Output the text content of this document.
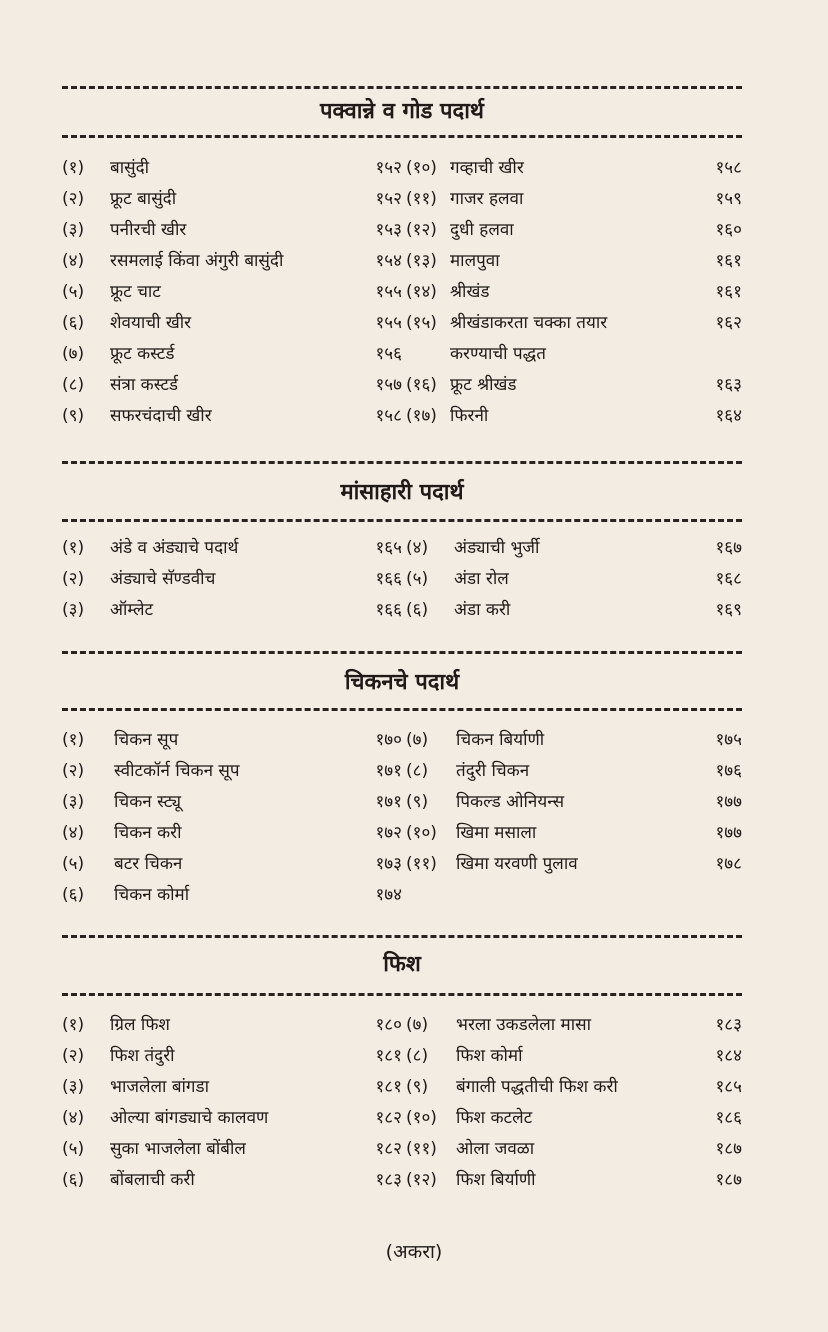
पक्वान्ने व गोड पदार्थ
(१) बासुंदी	१५२
(२) फ्रूट बासुंदी	१५२
(३) पनीरची खीर	१५३
(४) रसमलाई किंवा अंगुरी बासुंदी	१५४
(५) फ्रूट चाट	१५५
(६) शेवयाची खीर	१५५
(७) फ्रूट कस्टर्ड	१५६
(८) संत्रा कस्टर्ड	१५७
(९) सफरचंदाची खीर	१५८
(१०) गव्हाची खीर	१५८
(११) गाजर हलवा	१५९
(१२) दुधी हलवा	१६०
(१३) मालपुवा	१६१
(१४) श्रीखंड	१६१
(१५) श्रीखंडाकरता चक्का तयार	१६२
करण्याची पद्धत
(१६) फ्रूट श्रीखंड	१६३
(१७) फिरनी	१६४
मांसाहारी पदार्थ
(१) अंडे व अंड्याचे पदार्थ	१६५
(२) अंड्याचे सॅण्डवीच	१६६
(३) ऑम्लेट	१६६
(४) अंड्याची भुर्जी	१६७
(५) अंडा रोल	१६८
(६) अंडा करी	१६९
चिकनचे पदार्थ
(१) चिकन सूप	१७०
(२) स्वीटकॉर्न चिकन सूप	१७१
(३) चिकन स्ट्यू	१७१
(४) चिकन करी	१७२
(५) बटर चिकन	१७३
(६) चिकन कोर्मा	१७४
(७) चिकन बिर्याणी	१७५
(८) तंदुरी चिकन	१७६
(९) पिकल्ड ओनियन्स	१७७
(१०) खिमा मसाला	१७७
(११) खिमा यरवणी पुलाव	१७८
फिश
(१) ग्रिल फिश	१८०
(२) फिश तंदुरी	१८१
(३) भाजलेला बांगडा	१८१
(४) ओल्या बांगड्याचे कालवण	१८२
(५) सुका भाजलेला बोंबील	१८२
(६) बोंबलाची करी	१८३
(७) भरला उकडलेला मासा	१८३
(८) फिश कोर्मा	१८४
(९) बंगाली पद्धतीची फिश करी	१८५
(१०) फिश कटलेट	१८६
(११) ओला जवळा	१८७
(१२) फिश बिर्याणी	१८७
(अकरा)
